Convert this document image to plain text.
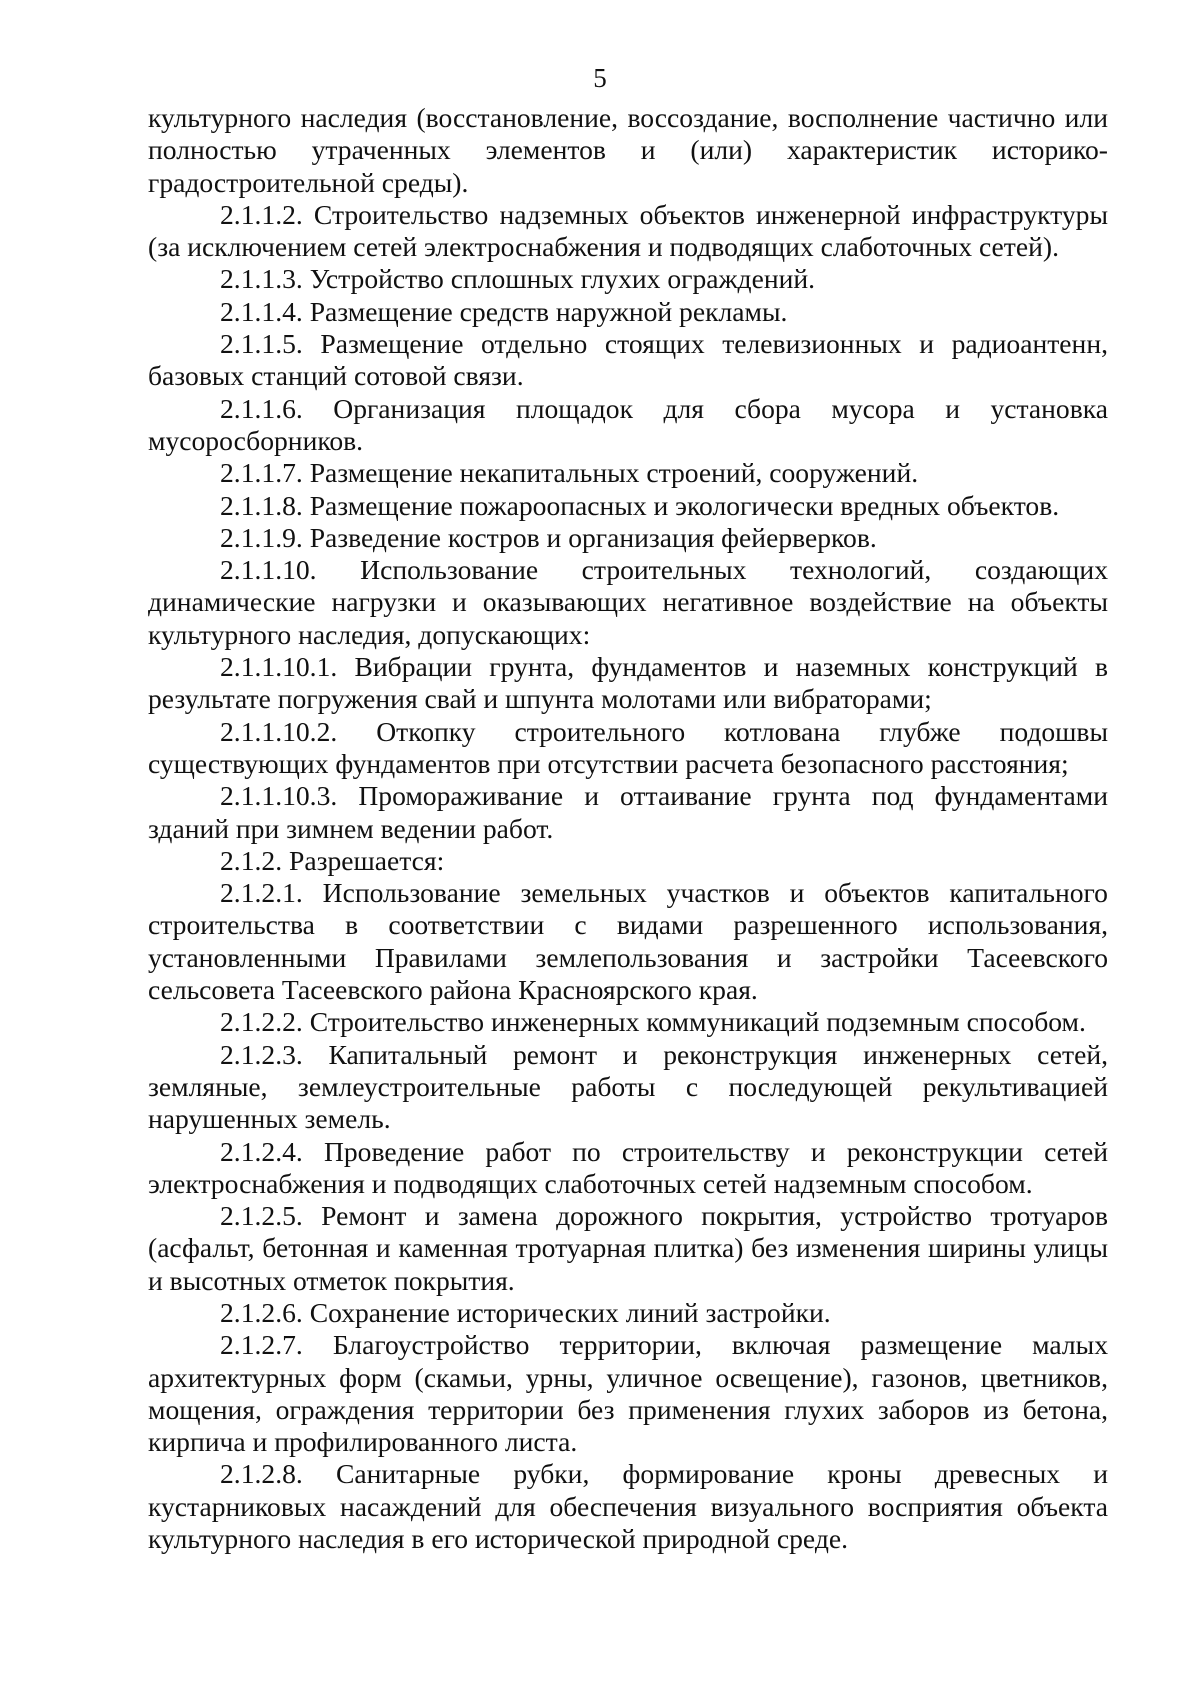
5

культурного наследия (восстановление, воссоздание, восполнение частично или полностью утраченных элементов и (или) характеристик историко-градостроительной среды).

2.1.1.2. Строительство надземных объектов инженерной инфраструктуры (за исключением сетей электроснабжения и подводящих слаботочных сетей).

2.1.1.3. Устройство сплошных глухих ограждений.

2.1.1.4. Размещение средств наружной рекламы.

2.1.1.5. Размещение отдельно стоящих телевизионных и радиоантенн, базовых станций сотовой связи.

2.1.1.6. Организация площадок для сбора мусора и установка мусоросборников.

2.1.1.7. Размещение некапитальных строений, сооружений.

2.1.1.8. Размещение пожароопасных и экологически вредных объектов.

2.1.1.9. Разведение костров и организация фейерверков.

2.1.1.10. Использование строительных технологий, создающих динамические нагрузки и оказывающих негативное воздействие на объекты культурного наследия, допускающих:

2.1.1.10.1. Вибрации грунта, фундаментов и наземных конструкций в результате погружения свай и шпунта молотами или вибраторами;

2.1.1.10.2. Откопку строительного котлована глубже подошвы существующих фундаментов при отсутствии расчета безопасного расстояния;

2.1.1.10.3. Промораживание и оттаивание грунта под фундаментами зданий при зимнем ведении работ.

2.1.2. Разрешается:

2.1.2.1. Использование земельных участков и объектов капитального строительства в соответствии с видами разрешенного использования, установленными Правилами землепользования и застройки Тасеевского сельсовета Тасеевского района Красноярского края.

2.1.2.2. Строительство инженерных коммуникаций подземным способом.

2.1.2.3. Капитальный ремонт и реконструкция инженерных сетей, земляные, землеустроительные работы с последующей рекультивацией нарушенных земель.

2.1.2.4. Проведение работ по строительству и реконструкции сетей электроснабжения и подводящих слаботочных сетей надземным способом.

2.1.2.5. Ремонт и замена дорожного покрытия, устройство тротуаров (асфальт, бетонная и каменная тротуарная плитка) без изменения ширины улицы и высотных отметок покрытия.

2.1.2.6. Сохранение исторических линий застройки.

2.1.2.7. Благоустройство территории, включая размещение малых архитектурных форм (скамьи, урны, уличное освещение), газонов, цветников, мощения, ограждения территории без применения глухих заборов из бетона, кирпича и профилированного листа.

2.1.2.8. Санитарные рубки, формирование кроны древесных и кустарниковых насаждений для обеспечения визуального восприятия объекта культурного наследия в его исторической природной среде.
